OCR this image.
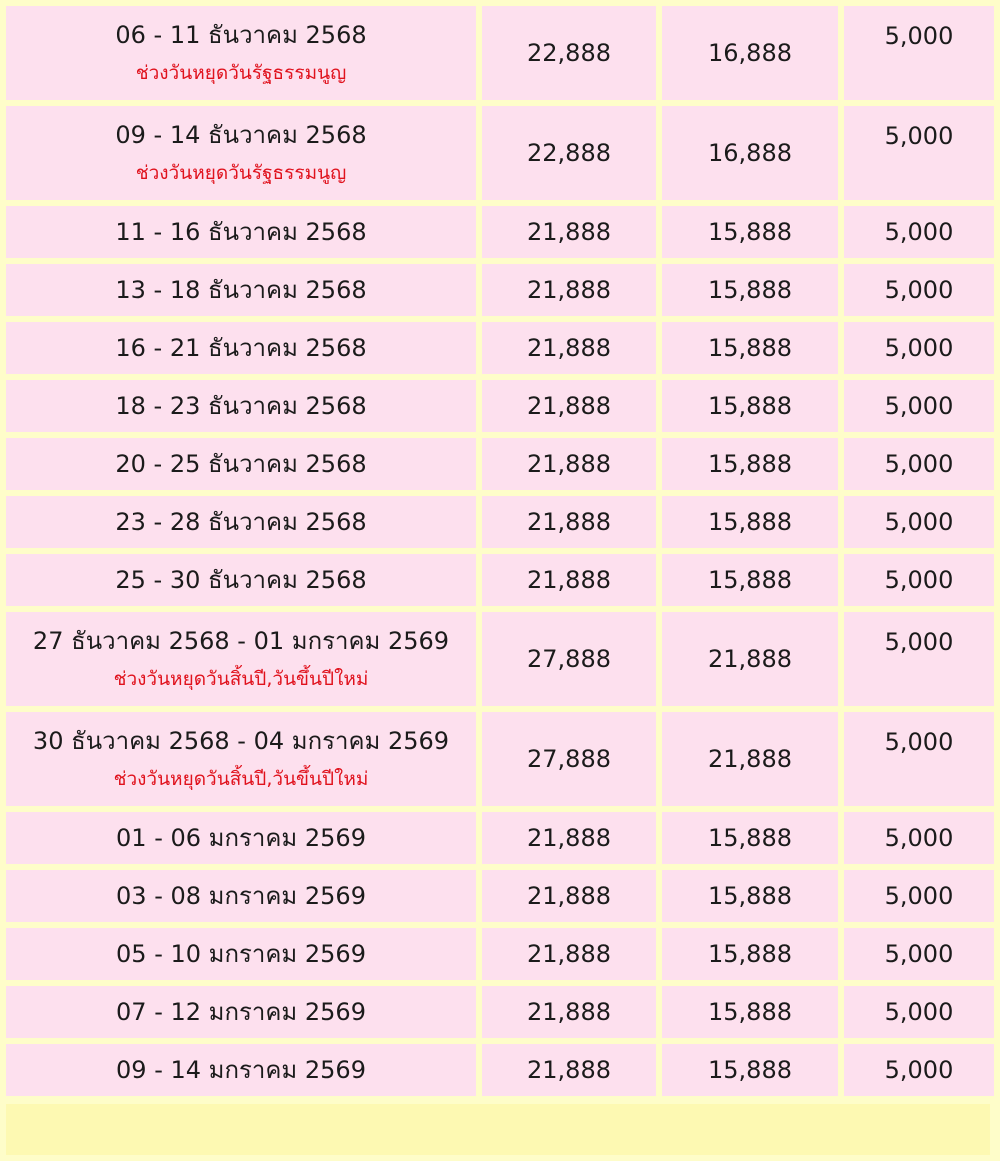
06 - 11 ธันวาคม 2568
ช่วงวันหยุดวันรัฐธรรมนูญ	22,888	16,888	5,000

09 - 14 ธันวาคม 2568
ช่วงวันหยุดวันรัฐธรรมนูญ	22,888	16,888	5,000

11 - 16 ธันวาคม 2568	21,888	15,888	5,000

13 - 18 ธันวาคม 2568	21,888	15,888	5,000

16 - 21 ธันวาคม 2568	21,888	15,888	5,000

18 - 23 ธันวาคม 2568	21,888	15,888	5,000

20 - 25 ธันวาคม 2568	21,888	15,888	5,000

23 - 28 ธันวาคม 2568	21,888	15,888	5,000

25 - 30 ธันวาคม 2568	21,888	15,888	5,000

27 ธันวาคม 2568 - 01 มกราคม 2569
ช่วงวันหยุดวันสิ้นปี,วันขึ้นปีใหม่	27,888	21,888	5,000

30 ธันวาคม 2568 - 04 มกราคม 2569
ช่วงวันหยุดวันสิ้นปี,วันขึ้นปีใหม่	27,888	21,888	5,000

01 - 06 มกราคม 2569	21,888	15,888	5,000

03 - 08 มกราคม 2569	21,888	15,888	5,000

05 - 10 มกราคม 2569	21,888	15,888	5,000

07 - 12 มกราคม 2569	21,888	15,888	5,000

09 - 14 มกราคม 2569	21,888	15,888	5,000
